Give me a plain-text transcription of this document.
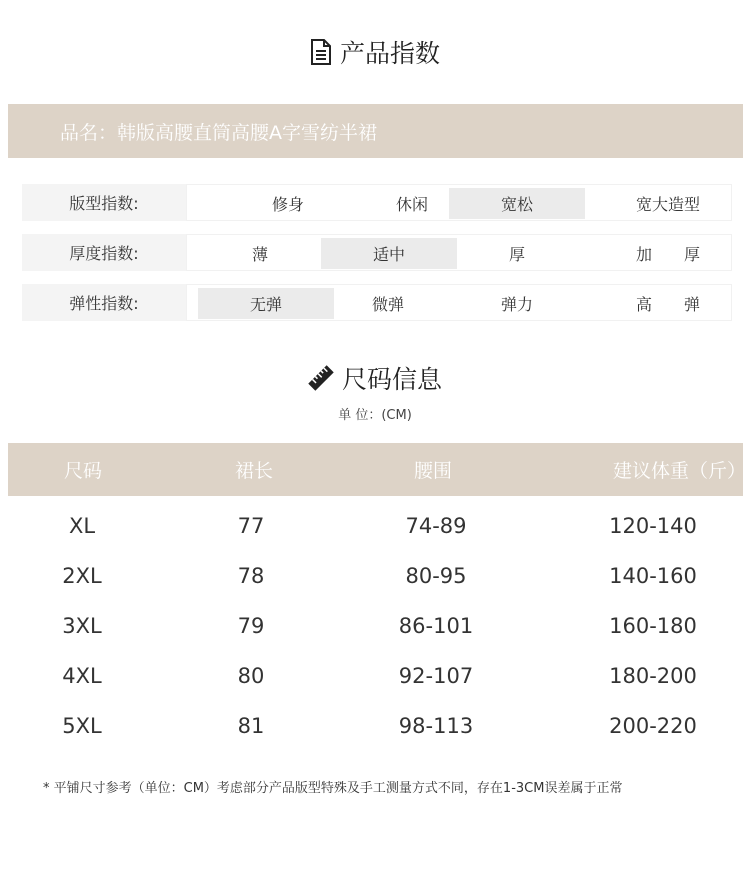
产品指数
品名： 韩版高腰直筒高腰A字雪纺半裙
版型指数:	修身	休闲	宽松	宽大造型
厚度指数:	薄	适中	厚	加　　厚
弹性指数:	无弹	微弹	弹力	高　　弹
尺码信息
单 位：(CM)
尺码	裙长	腰围	建议体重（斤）
XL	77	74-89	120-140
2XL	78	80-95	140-160
3XL	79	86-101	160-180
4XL	80	92-107	180-200
5XL	81	98-113	200-220
* 平铺尺寸参考（单位：CM）考虑部分产品版型特殊及手工测量方式不同，存在1-3CM误差属于正常
